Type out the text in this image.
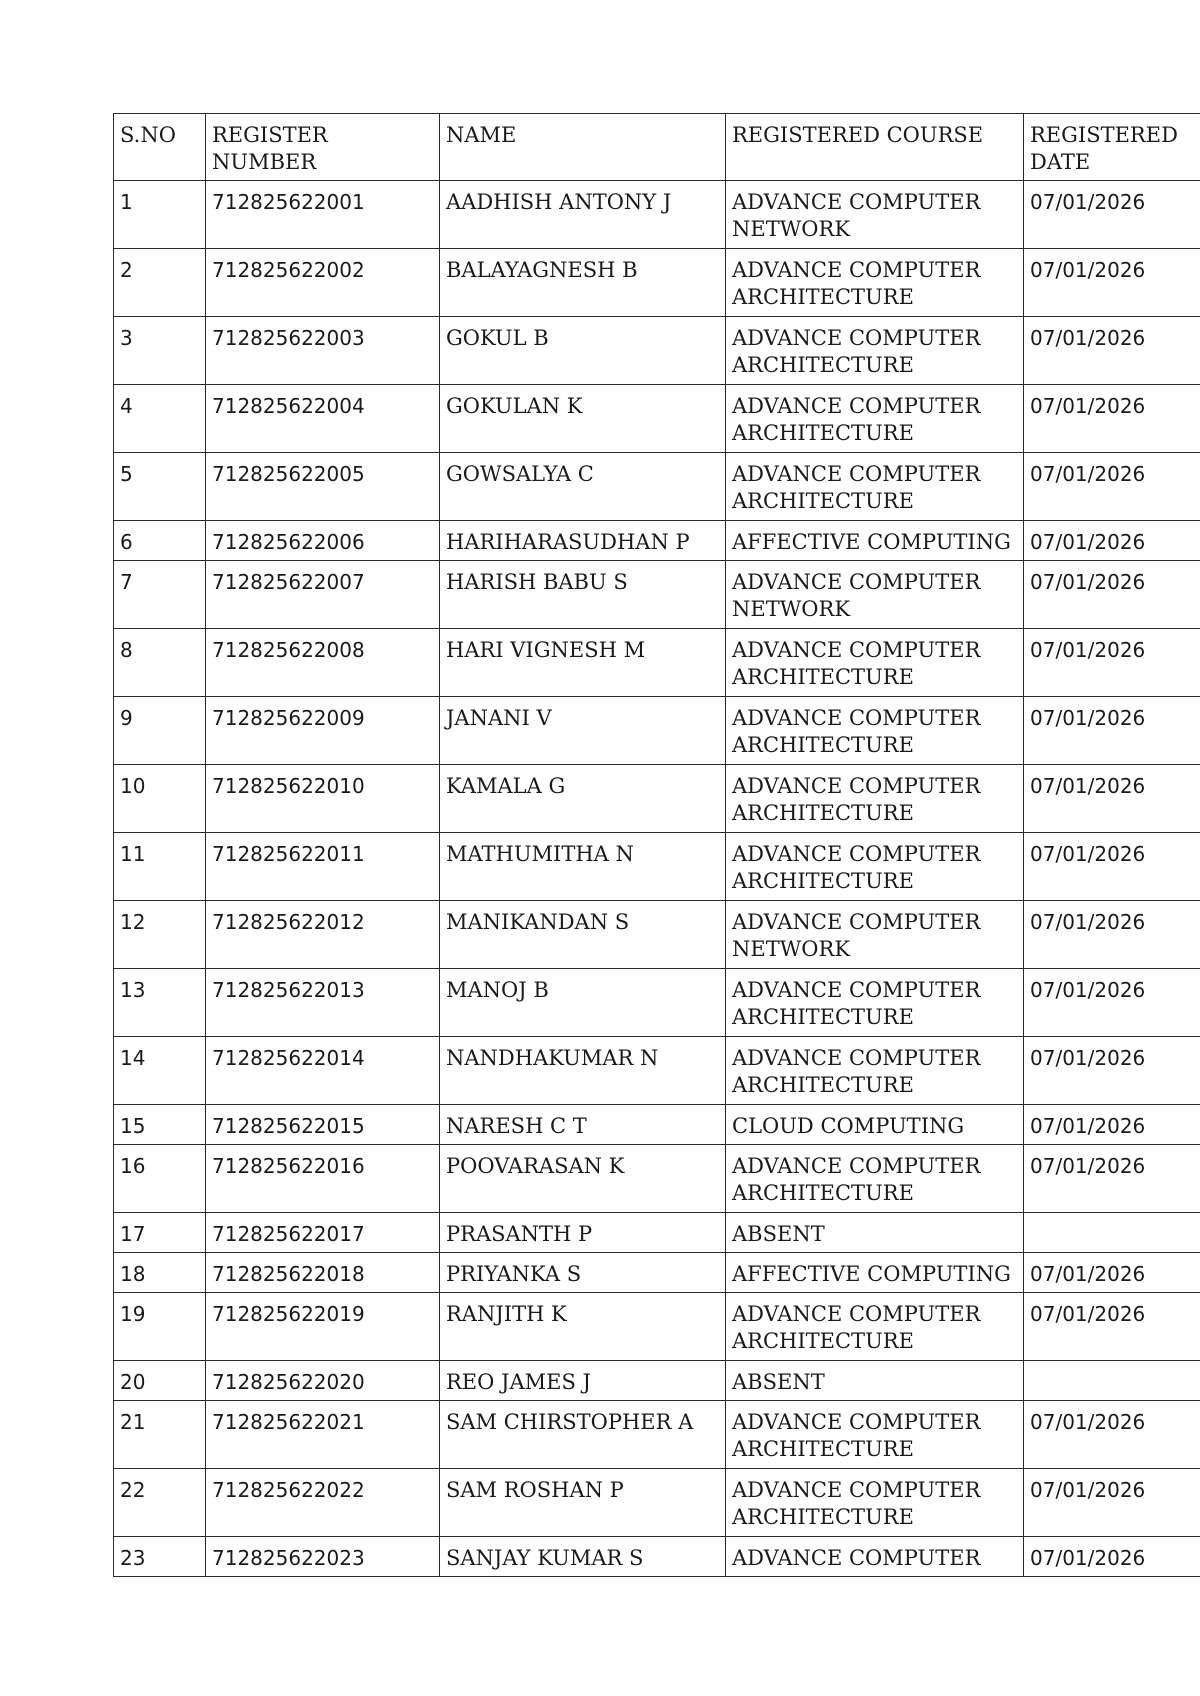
S.NO	REGISTER NUMBER	NAME	REGISTERED COURSE	REGISTERED DATE
1	712825622001	AADHISH ANTONY J	ADVANCE COMPUTER NETWORK	07/01/2026
2	712825622002	BALAYAGNESH B	ADVANCE COMPUTER ARCHITECTURE	07/01/2026
3	712825622003	GOKUL B	ADVANCE COMPUTER ARCHITECTURE	07/01/2026
4	712825622004	GOKULAN K	ADVANCE COMPUTER ARCHITECTURE	07/01/2026
5	712825622005	GOWSALYA C	ADVANCE COMPUTER ARCHITECTURE	07/01/2026
6	712825622006	HARIHARASUDHAN P	AFFECTIVE COMPUTING	07/01/2026
7	712825622007	HARISH BABU S	ADVANCE COMPUTER NETWORK	07/01/2026
8	712825622008	HARI VIGNESH M	ADVANCE COMPUTER ARCHITECTURE	07/01/2026
9	712825622009	JANANI V	ADVANCE COMPUTER ARCHITECTURE	07/01/2026
10	712825622010	KAMALA G	ADVANCE COMPUTER ARCHITECTURE	07/01/2026
11	712825622011	MATHUMITHA N	ADVANCE COMPUTER ARCHITECTURE	07/01/2026
12	712825622012	MANIKANDAN S	ADVANCE COMPUTER NETWORK	07/01/2026
13	712825622013	MANOJ B	ADVANCE COMPUTER ARCHITECTURE	07/01/2026
14	712825622014	NANDHAKUMAR N	ADVANCE COMPUTER ARCHITECTURE	07/01/2026
15	712825622015	NARESH C T	CLOUD COMPUTING	07/01/2026
16	712825622016	POOVARASAN K	ADVANCE COMPUTER ARCHITECTURE	07/01/2026
17	712825622017	PRASANTH P	ABSENT	
18	712825622018	PRIYANKA S	AFFECTIVE COMPUTING	07/01/2026
19	712825622019	RANJITH K	ADVANCE COMPUTER ARCHITECTURE	07/01/2026
20	712825622020	REO JAMES J	ABSENT	
21	712825622021	SAM CHIRSTOPHER A	ADVANCE COMPUTER ARCHITECTURE	07/01/2026
22	712825622022	SAM ROSHAN P	ADVANCE COMPUTER ARCHITECTURE	07/01/2026
23	712825622023	SANJAY KUMAR S	ADVANCE COMPUTER	07/01/2026
